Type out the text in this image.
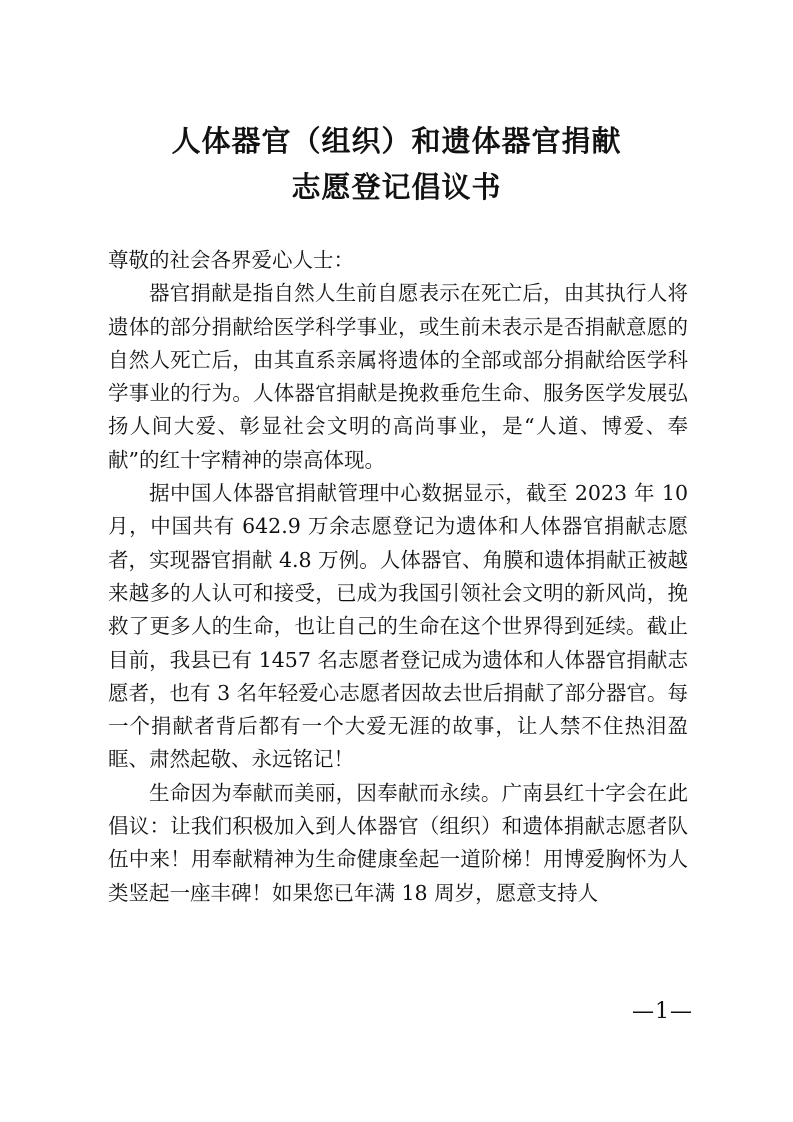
人体器官（组织）和遗体器官捐献
志愿登记倡议书

尊敬的社会各界爱心人士：

器官捐献是指自然人生前自愿表示在死亡后，由其执行人将遗体的部分捐献给医学科学事业，或生前未表示是否捐献意愿的自然人死亡后，由其直系亲属将遗体的全部或部分捐献给医学科学事业的行为。人体器官捐献是挽救垂危生命、服务医学发展弘扬人间大爱、彰显社会文明的高尚事业，是“人道、博爱、奉献”的红十字精神的崇高体现。

据中国人体器官捐献管理中心数据显示，截至 2023 年 10 月，中国共有 642.9 万余志愿登记为遗体和人体器官捐献志愿者，实现器官捐献 4.8 万例。人体器官、角膜和遗体捐献正被越来越多的人认可和接受，已成为我国引领社会文明的新风尚，挽救了更多人的生命，也让自己的生命在这个世界得到延续。截止目前，我县已有 1457 名志愿者登记成为遗体和人体器官捐献志愿者，也有 3 名年轻爱心志愿者因故去世后捐献了部分器官。每一个捐献者背后都有一个大爱无涯的故事，让人禁不住热泪盈眶、肃然起敬、永远铭记！

生命因为奉献而美丽，因奉献而永续。广南县红十字会在此倡议：让我们积极加入到人体器官（组织）和遗体捐献志愿者队伍中来！用奉献精神为生命健康垒起一道阶梯！用博爱胸怀为人类竖起一座丰碑！如果您已年满 18 周岁，愿意支持人

—1—
